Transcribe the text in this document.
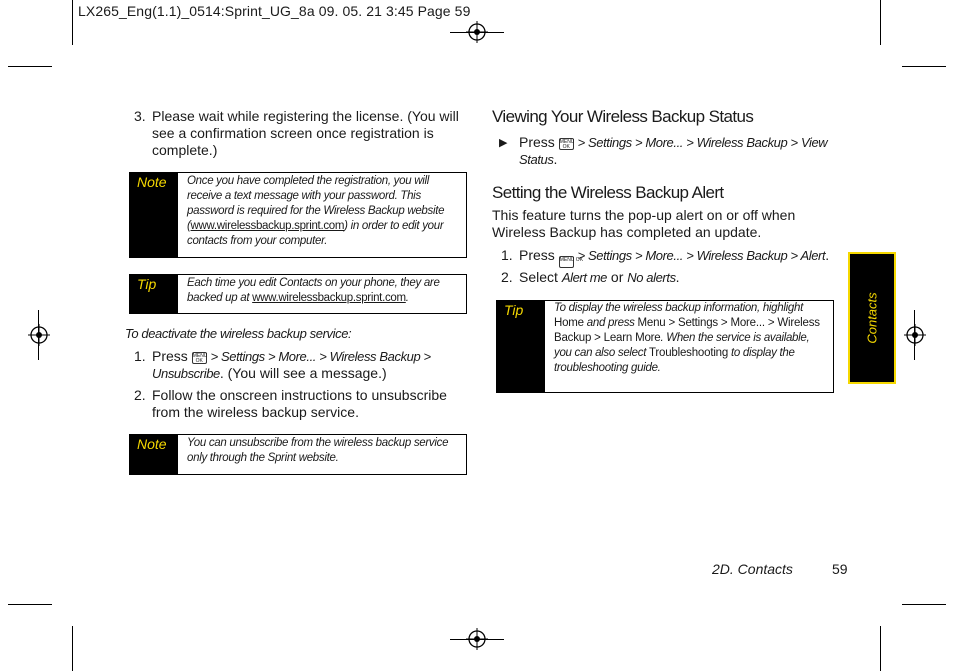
LX265_Eng(1.1)_0514:Sprint_UG_8a 09. 05. 21 3:45 Page 59
3. Please wait while registering the license. (You will see a confirmation screen once registration is complete.)
Note Once you have completed the registration, you will receive a text message with your password. This password is required for the Wireless Backup website (www.wirelessbackup.sprint.com) in order to edit your contacts from your computer.
Tip	Each time you edit Contacts on your phone, they are backed up at www.wirelessbackup.sprint.com.
To deactivate the wireless backup service:
1. Press MENU OK > Settings > More... > Wireless Backup > Unsubscribe. (You will see a message.)
2. Follow the onscreen instructions to unsubscribe from the wireless backup service.
Note You can unsubscribe from the wireless backup service only through the Sprint website.
Viewing Your Wireless Backup Status
▶ Press MENU OK > Settings > More... > Wireless Backup > View Status.
Setting the Wireless Backup Alert
This feature turns the pop-up alert on or off when Wireless Backup has completed an update.
1. Press MENU OK > Settings > More... > Wireless Backup > Alert.
2. Select Alert me or No alerts.
Tip	To display the wireless backup information, highlight Home and press Menu > Settings > More... > Wireless Backup > Learn More. When the service is available, you can also select Troubleshooting to display the troubleshooting guide.
Contacts
2D. Contacts	59
